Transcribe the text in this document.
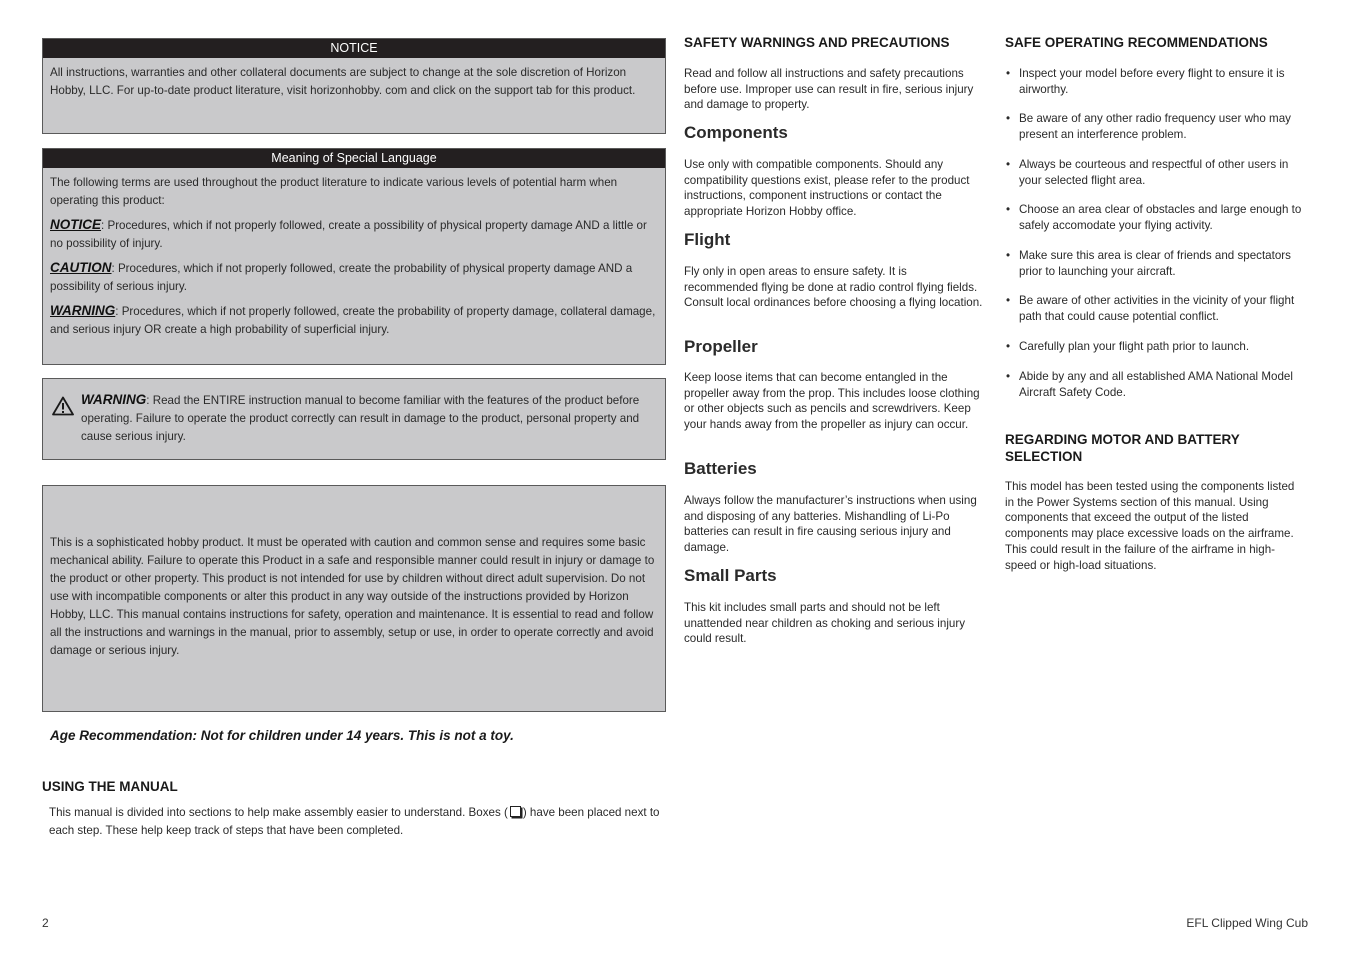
NOTICE

All instructions, warranties and other collateral documents are subject to change at the sole discretion of Horizon Hobby, LLC. For up-to-date product literature, visit horizonhobby. com and click on the support tab for this product.

Meaning of Special Language

The following terms are used throughout the product literature to indicate various levels of potential harm when operating this product:

NOTICE: Procedures, which if not properly followed, create a possibility of physical property damage AND a little or no possibility of injury.

CAUTION: Procedures, which if not properly followed, create the probability of physical property damage AND a possibility of serious injury.

WARNING: Procedures, which if not properly followed, create the probability of property damage, collateral damage, and serious injury OR create a high probability of superficial injury.

WARNING: Read the ENTIRE instruction manual to become familiar with the features of the product before operating. Failure to operate the product correctly can result in damage to the product, personal property and cause serious injury.

This is a sophisticated hobby product. It must be operated with caution and common sense and requires some basic mechanical ability. Failure to operate this Product in a safe and responsible manner could result in injury or damage to the product or other property. This product is not intended for use by children without direct adult supervision. Do not use with incompatible components or alter this product in any way outside of the instructions provided by Horizon Hobby, LLC. This manual contains instructions for safety, operation and maintenance. It is essential to read and follow all the instructions and warnings in the manual, prior to assembly, setup or use, in order to operate correctly and avoid damage or serious injury.

Age Recommendation: Not for children under 14 years. This is not a toy.
USING THE MANUAL

This manual is divided into sections to help make assembly easier to understand. Boxes ( ) have been placed next to each step. These help keep track of steps that have been completed.

SAFETY WARNINGS AND PRECAUTIONS

Read and follow all instructions and safety precautions before use. Improper use can result in fire, serious injury and damage to property.

Components

Use only with compatible components. Should any compatibility questions exist, please refer to the product instructions, component instructions or contact the appropriate Horizon Hobby office.

Flight

Fly only in open areas to ensure safety. It is recommended flying be done at radio control flying fields. Consult local ordinances before choosing a flying location.

Propeller

Keep loose items that can become entangled in the propeller away from the prop. This includes loose clothing or other objects such as pencils and screwdrivers. Keep your hands away from the propeller as injury can occur.

Batteries

Always follow the manufacturer’s instructions when using and disposing of any batteries. Mishandling of Li-Po batteries can result in fire causing serious injury and damage.

Small Parts

This kit includes small parts and should not be left unattended near children as choking and serious injury could result.

SAFE OPERATING RECOMMENDATIONS
• Inspect your model before every flight to ensure it is airworthy.
• Be aware of any other radio frequency user who may present an interference problem.
• Always be courteous and respectful of other users in your selected flight area.
• Choose an area clear of obstacles and large enough to safely accomodate your flying activity.
• Make sure this area is clear of friends and spectators prior to launching your aircraft.
• Be aware of other activities in the vicinity of your flight path that could cause potential conflict.
• Carefully plan your flight path prior to launch.
• Abide by any and all established AMA National Model Aircraft Safety Code.
REGARDING MOTOR AND BATTERY SELECTION

This model has been tested using the components listed in the Power Systems section of this manual. Using components that exceed the output of the listed components may place excessive loads on the airframe. This could result in the failure of the airframe in high-speed or high-load situations.

2	EFL Clipped Wing Cub
